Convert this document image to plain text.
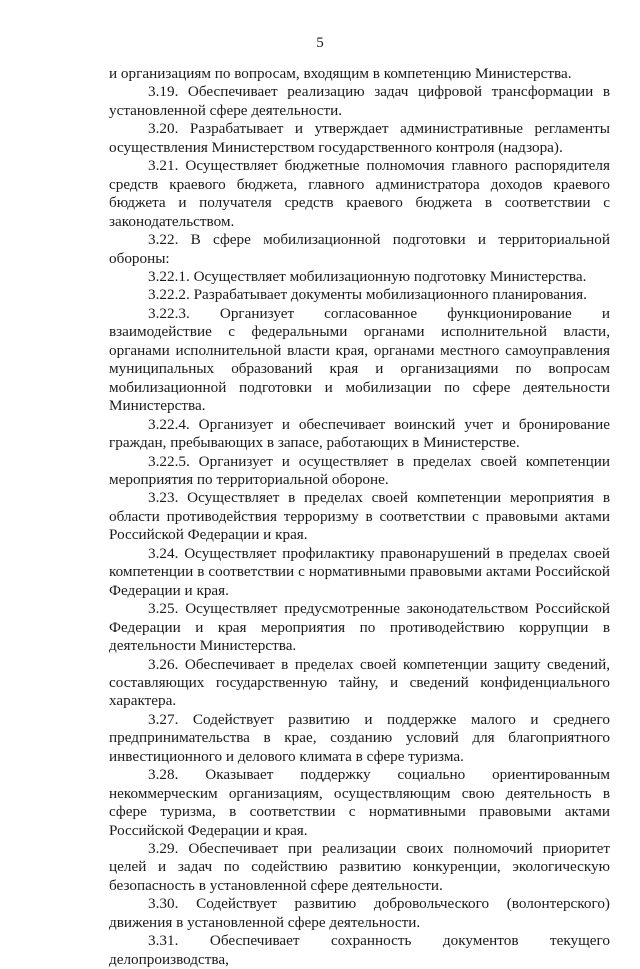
5

и организациям по вопросам, входящим в компетенцию Министерства.

3.19. Обеспечивает реализацию задач цифровой трансформации в установленной сфере деятельности.

3.20. Разрабатывает и утверждает административные регламенты осуществления Министерством государственного контроля (надзора).

3.21. Осуществляет бюджетные полномочия главного распорядителя средств краевого бюджета, главного администратора доходов краевого бюджета и получателя средств краевого бюджета в соответствии с законодательством.

3.22. В сфере мобилизационной подготовки и территориальной обороны:

3.22.1. Осуществляет мобилизационную подготовку Министерства.

3.22.2. Разрабатывает документы мобилизационного планирования.

3.22.3. Организует согласованное функционирование и взаимодействие с федеральными органами исполнительной власти, органами исполнительной власти края, органами местного самоуправления муниципальных образований края и организациями по вопросам мобилизационной подготовки и мобилизации по сфере деятельности Министерства.

3.22.4. Организует и обеспечивает воинский учет и бронирование граждан, пребывающих в запасе, работающих в Министерстве.

3.22.5. Организует и осуществляет в пределах своей компетенции мероприятия по территориальной обороне.

3.23. Осуществляет в пределах своей компетенции мероприятия в области противодействия терроризму в соответствии с правовыми актами Российской Федерации и края.

3.24. Осуществляет профилактику правонарушений в пределах своей компетенции в соответствии с нормативными правовыми актами Российской Федерации и края.

3.25. Осуществляет предусмотренные законодательством Российской Федерации и края мероприятия по противодействию коррупции в деятельности Министерства.

3.26. Обеспечивает в пределах своей компетенции защиту сведений, составляющих государственную тайну, и сведений конфиденциального характера.

3.27. Содействует развитию и поддержке малого и среднего предпринимательства в крае, созданию условий для благоприятного инвестиционного и делового климата в сфере туризма.

3.28. Оказывает поддержку социально ориентированным некоммерческим организациям, осуществляющим свою деятельность в сфере туризма, в соответствии с нормативными правовыми актами Российской Федерации и края.

3.29. Обеспечивает при реализации своих полномочий приоритет целей и задач по содействию развитию конкуренции, экологическую безопасность в установленной сфере деятельности.

3.30. Содействует развитию добровольческого (волонтерского) движения в установленной сфере деятельности.

3.31. Обеспечивает сохранность документов текущего делопроизводства,
